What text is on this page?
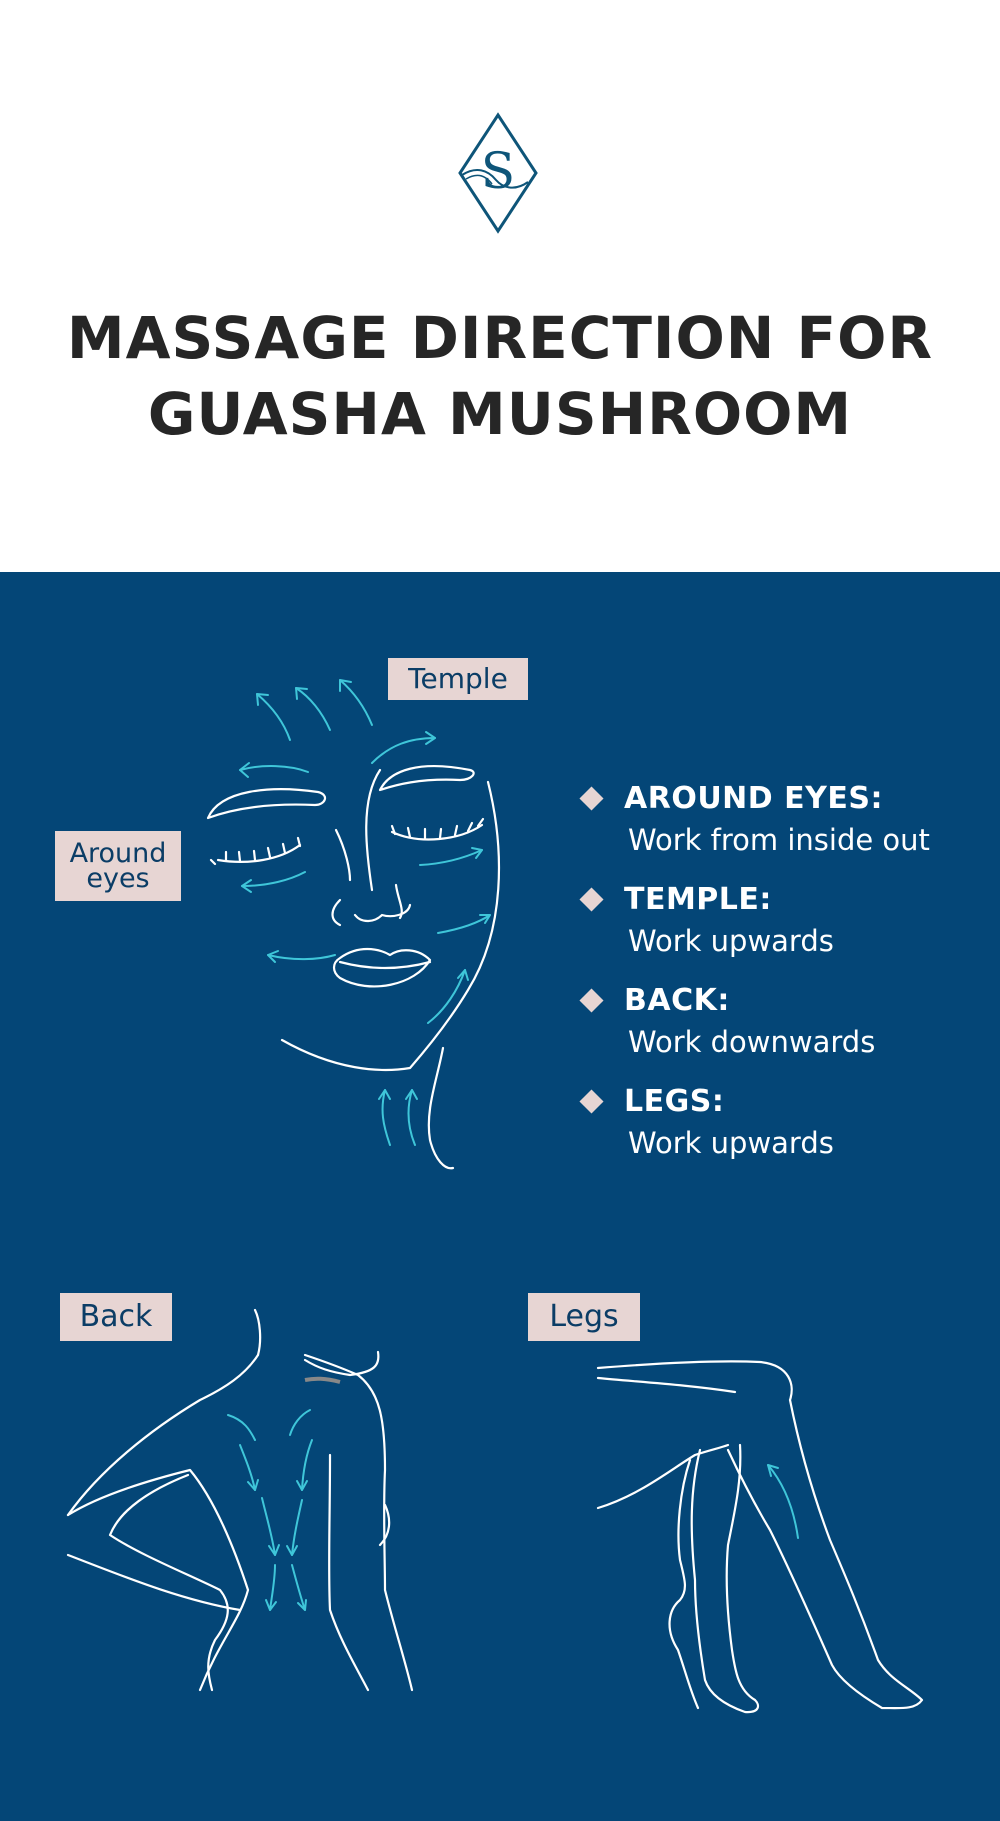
S
MASSAGE DIRECTION FOR
GUASHA MUSHROOM
Temple
Around
eyes
Back	Legs
AROUND EYES:
Work from inside out
TEMPLE:
Work upwards
BACK:
Work downwards
LEGS:
Work upwards
